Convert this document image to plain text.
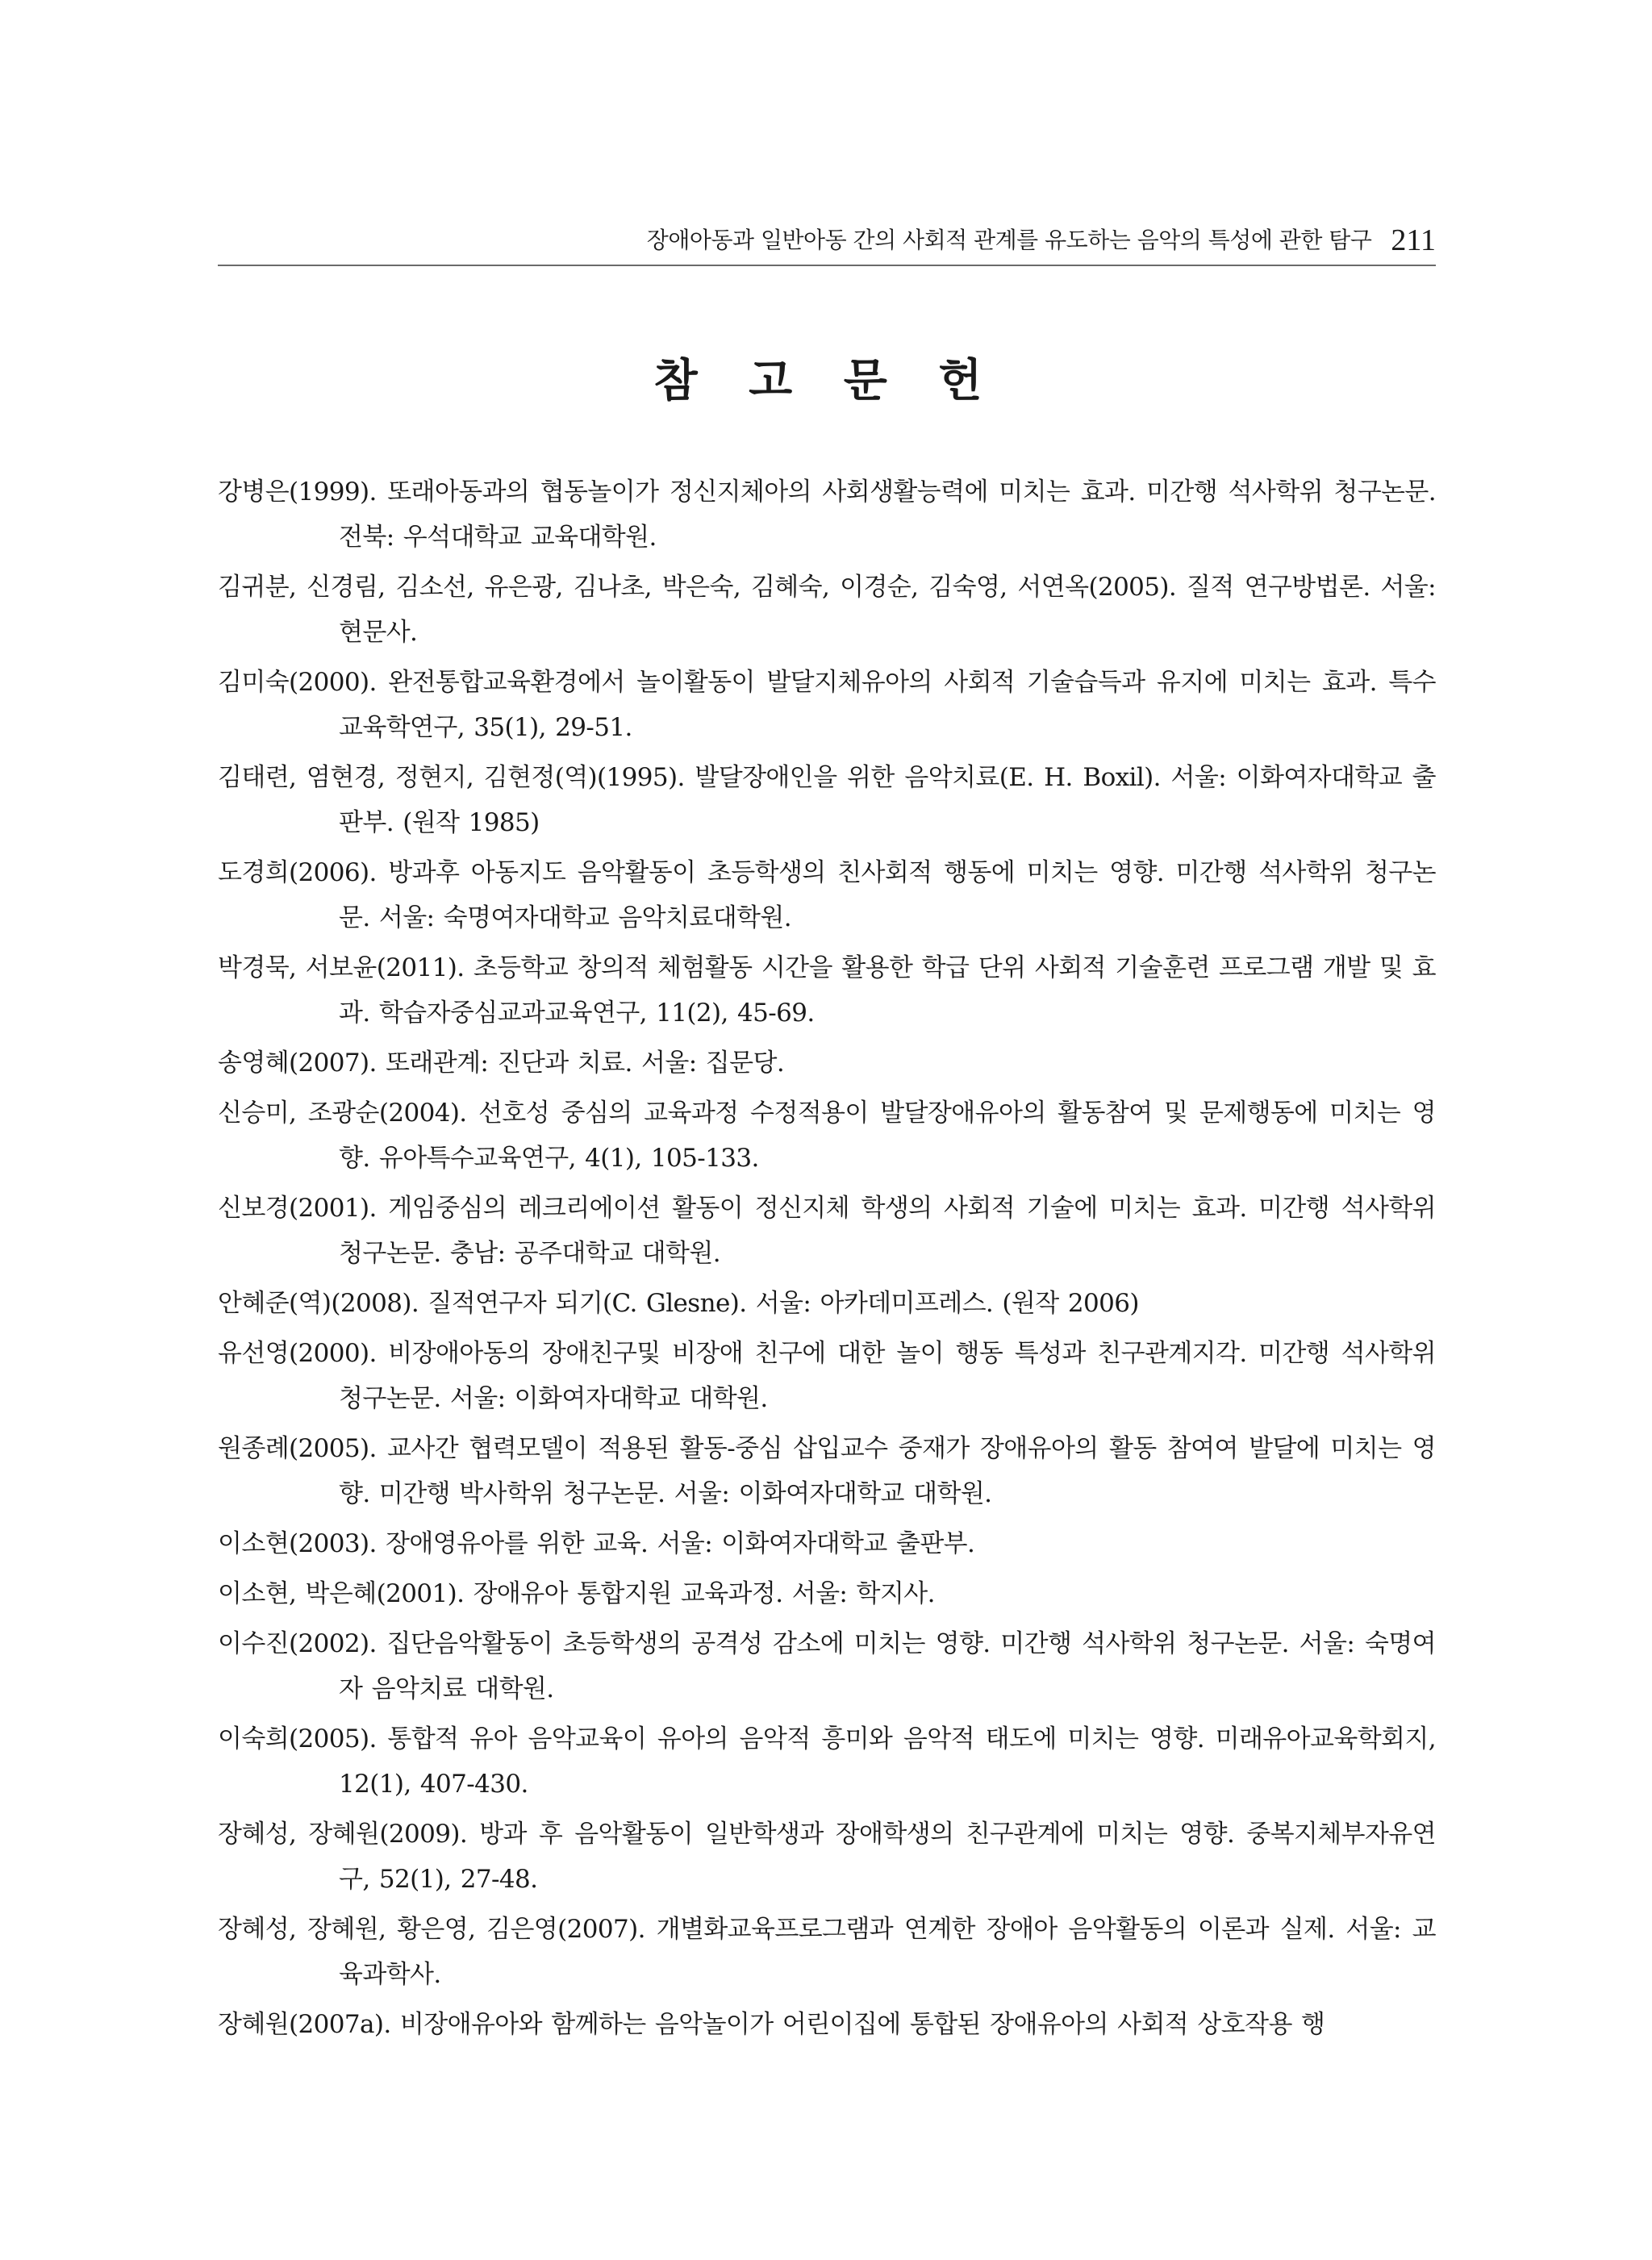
장애아동과 일반아동 간의 사회적 관계를 유도하는 음악의 특성에 관한 탐구 211
참 고 문 헌
강병은(1999). 또래아동과의 협동놀이가 정신지체아의 사회생활능력에 미치는 효과. 미간행 석사학위 청구논문. 전북: 우석대학교 교육대학원.
김귀분, 신경림, 김소선, 유은광, 김나초, 박은숙, 김혜숙, 이경순, 김숙영, 서연옥(2005). 질적 연구방법론. 서울: 현문사.
김미숙(2000). 완전통합교육환경에서 놀이활동이 발달지체유아의 사회적 기술습득과 유지에 미치는 효과. 특수교육학연구, 35(1), 29-51.
김태련, 염현경, 정현지, 김현정(역)(1995). 발달장애인을 위한 음악치료(E. H. Boxil). 서울: 이화여자대학교 출판부. (원작 1985)
도경희(2006). 방과후 아동지도 음악활동이 초등학생의 친사회적 행동에 미치는 영향. 미간행 석사학위 청구논문. 서울: 숙명여자대학교 음악치료대학원.
박경묵, 서보윤(2011). 초등학교 창의적 체험활동 시간을 활용한 학급 단위 사회적 기술훈련 프로그램 개발 및 효과. 학습자중심교과교육연구, 11(2), 45-69.
송영혜(2007). 또래관계: 진단과 치료. 서울: 집문당.
신승미, 조광순(2004). 선호성 중심의 교육과정 수정적용이 발달장애유아의 활동참여 및 문제행동에 미치는 영향. 유아특수교육연구, 4(1), 105-133.
신보경(2001). 게임중심의 레크리에이션 활동이 정신지체 학생의 사회적 기술에 미치는 효과. 미간행 석사학위 청구논문. 충남: 공주대학교 대학원.
안혜준(역)(2008). 질적연구자 되기(C. Glesne). 서울: 아카데미프레스. (원작 2006)
유선영(2000). 비장애아동의 장애친구및 비장애 친구에 대한 놀이 행동 특성과 친구관계지각. 미간행 석사학위 청구논문. 서울: 이화여자대학교 대학원.
원종례(2005). 교사간 협력모델이 적용된 활동-중심 삽입교수 중재가 장애유아의 활동 참여여 발달에 미치는 영향. 미간행 박사학위 청구논문. 서울: 이화여자대학교 대학원.
이소현(2003). 장애영유아를 위한 교육. 서울: 이화여자대학교 출판부.
이소현, 박은혜(2001). 장애유아 통합지원 교육과정. 서울: 학지사.
이수진(2002). 집단음악활동이 초등학생의 공격성 감소에 미치는 영향. 미간행 석사학위 청구논문. 서울: 숙명여자 음악치료 대학원.
이숙희(2005). 통합적 유아 음악교육이 유아의 음악적 흥미와 음악적 태도에 미치는 영향. 미래유아교육학회지, 12(1), 407-430.
장혜성, 장혜원(2009). 방과 후 음악활동이 일반학생과 장애학생의 친구관계에 미치는 영향. 중복지체부자유연구, 52(1), 27-48.
장혜성, 장혜원, 황은영, 김은영(2007). 개별화교육프로그램과 연계한 장애아 음악활동의 이론과 실제. 서울: 교육과학사.
장혜원(2007a). 비장애유아와 함께하는 음악놀이가 어린이집에 통합된 장애유아의 사회적 상호작용 행
